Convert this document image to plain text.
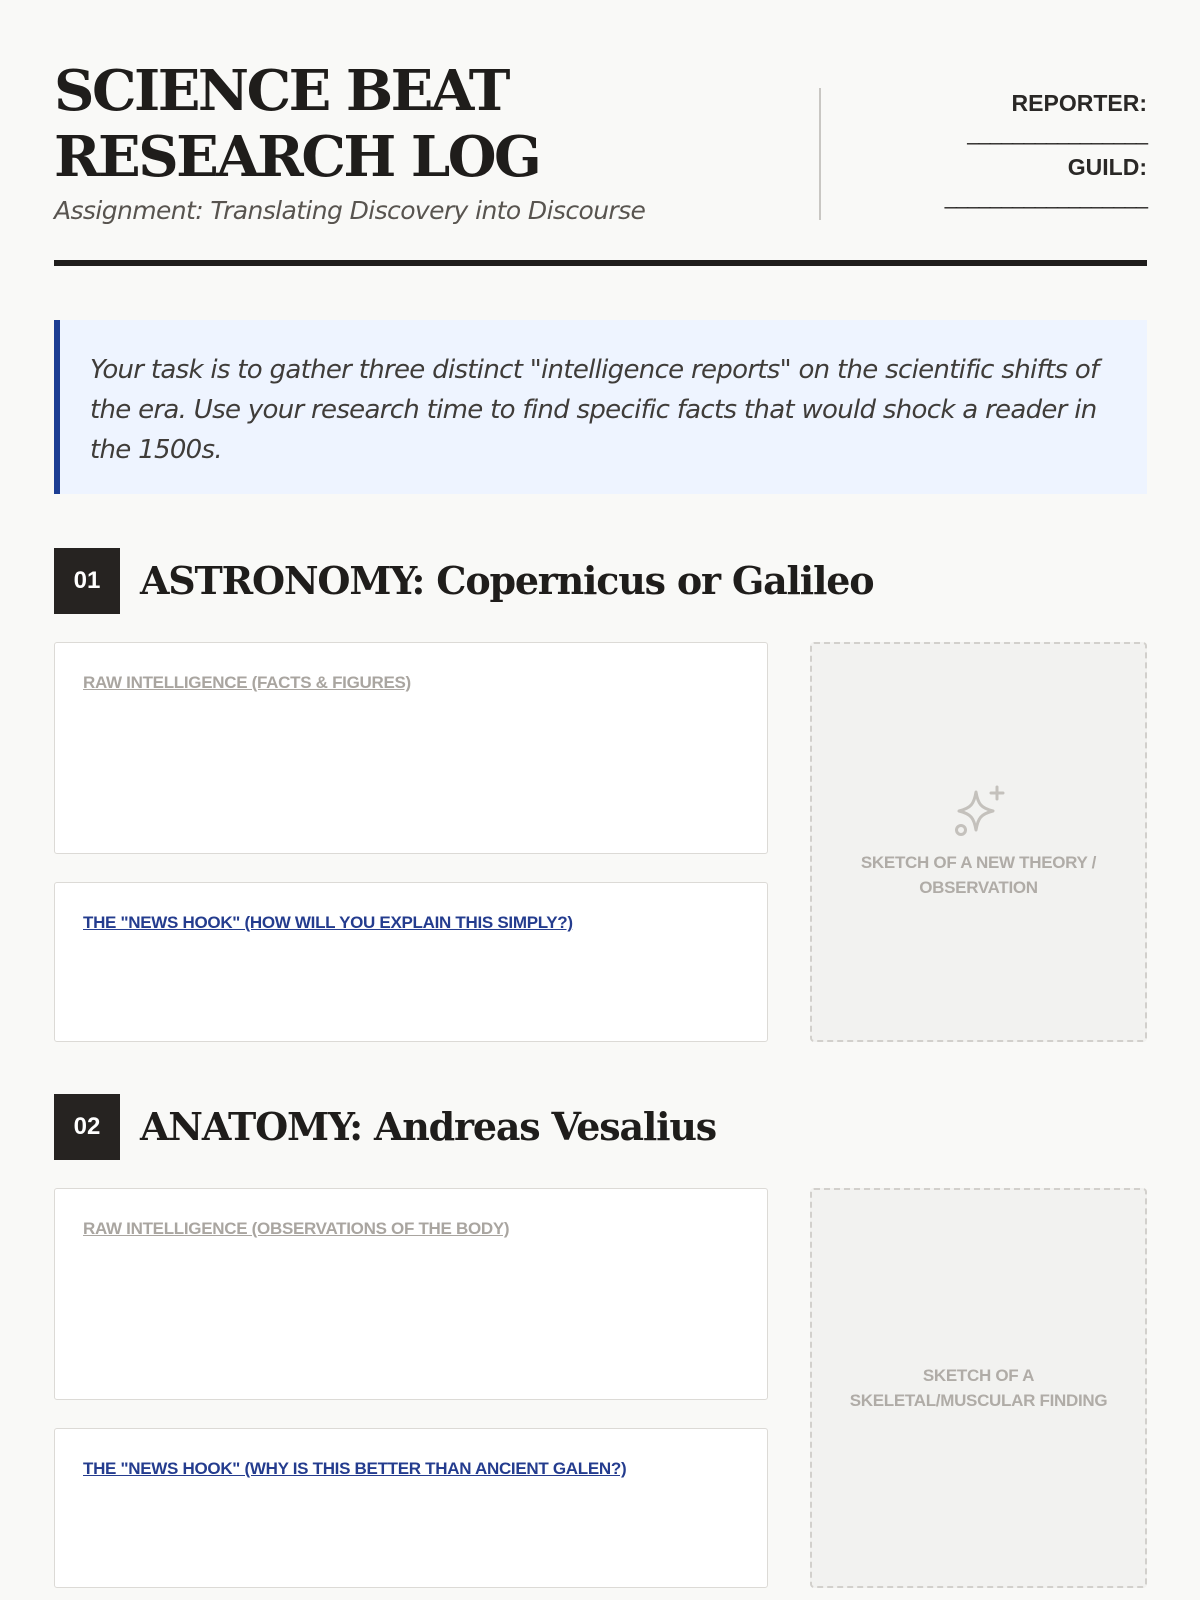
SCIENCE BEAT RESEARCH LOG
Assignment: Translating Discovery into Discourse
REPORTER:
________________
GUILD:
__________________

Your task is to gather three distinct "intelligence reports" on the scientific shifts of the era. Use your research time to find specific facts that would shock a reader in the 1500s.

01	ASTRONOMY: Copernicus or Galileo
RAW INTELLIGENCE (FACTS & FIGURES)
THE "NEWS HOOK" (HOW WILL YOU EXPLAIN THIS SIMPLY?)
SKETCH OF A NEW THEORY / OBSERVATION
02	ANATOMY: Andreas Vesalius
RAW INTELLIGENCE (OBSERVATIONS OF THE BODY)
THE "NEWS HOOK" (WHY IS THIS BETTER THAN ANCIENT GALEN?)
SKETCH OF A SKELETAL/MUSCULAR FINDING
